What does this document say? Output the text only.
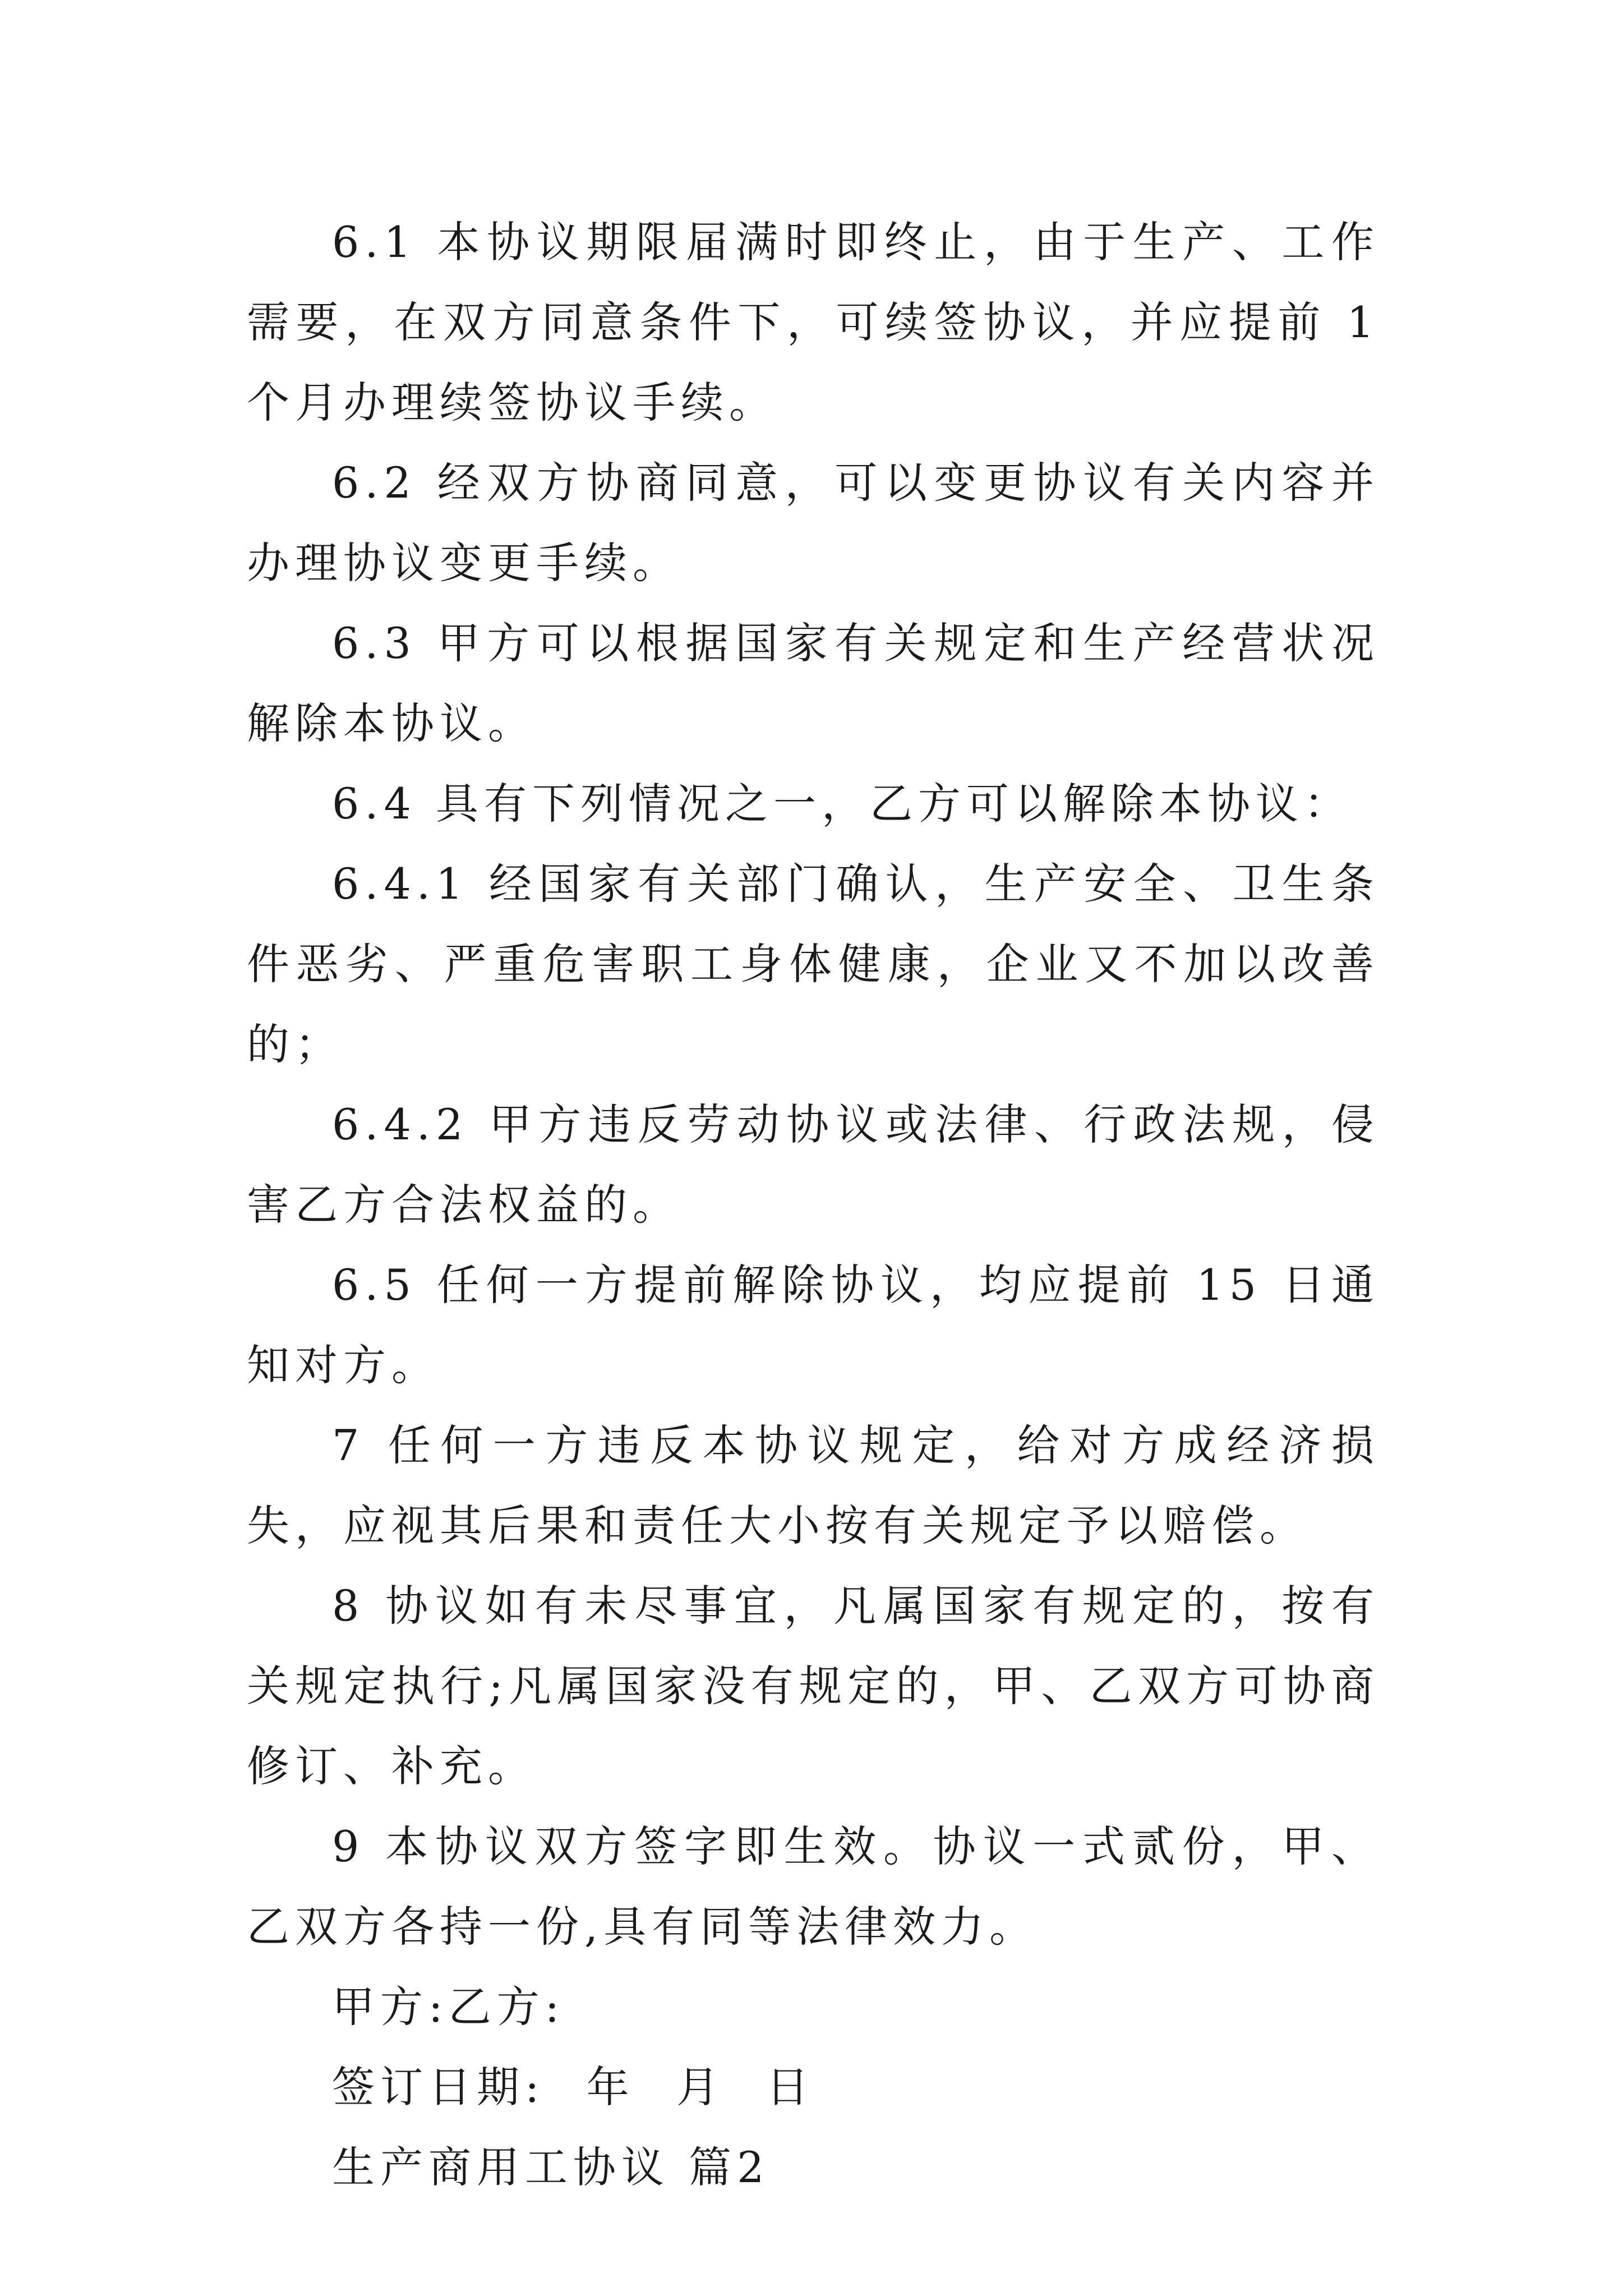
6.1 本协议期限届满时即终止，由于生产、工作需要，在双方同意条件下，可续签协议，并应提前 1 个月办理续签协议手续。

6.2 经双方协商同意，可以变更协议有关内容并办理协议变更手续。

6.3 甲方可以根据国家有关规定和生产经营状况解除本协议。

6.4 具有下列情况之一，乙方可以解除本协议：

6.4.1 经国家有关部门确认，生产安全、卫生条件恶劣、严重危害职工身体健康，企业又不加以改善的；

6.4.2 甲方违反劳动协议或法律、行政法规，侵害乙方合法权益的。

6.5 任何一方提前解除协议，均应提前 15 日通知对方。

7 任何一方违反本协议规定，给对方成经济损失，应视其后果和责任大小按有关规定予以赔偿。

8 协议如有未尽事宜，凡属国家有规定的，按有关规定执行;凡属国家没有规定的，甲、乙双方可协商修订、补充。

9 本协议双方签字即生效。协议一式贰份，甲、乙双方各持一份,具有同等法律效力。

甲方:乙方:

签订日期: 年 月 日

生产商用工协议 篇2
